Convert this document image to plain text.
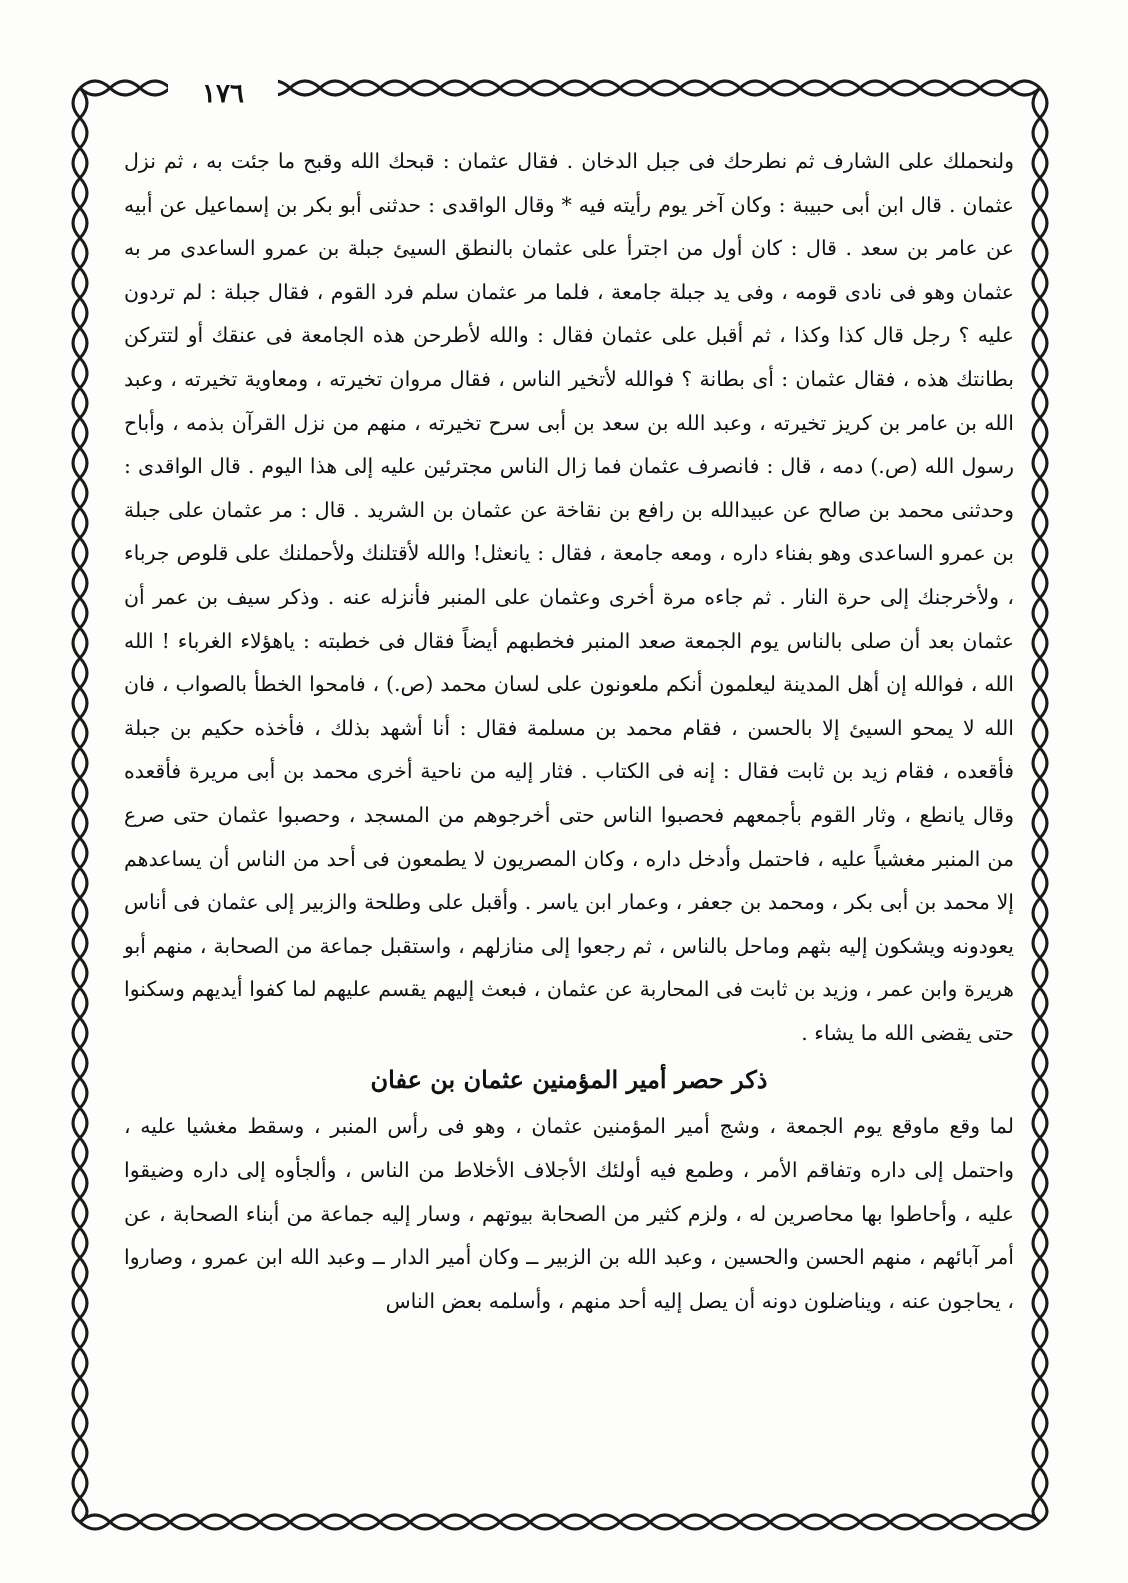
١٧٦

ولنحملك على الشارف ثم نطرحك فى جبل الدخان . فقال عثمان : قبحك الله وقبح ما جئت به ، ثم نزل عثمان . قال ابن أبى حبيبة : وكان آخر يوم رأيته فيه * وقال الواقدى : حدثنى أبو بكر بن إسماعيل عن أبيه عن عامر بن سعد . قال : كان أول من اجترأ على عثمان بالنطق السيئ جبلة بن عمرو الساعدى مر به عثمان وهو فى نادى قومه ، وفى يد جبلة جامعة ، فلما مر عثمان سلم فرد القوم ، فقال جبلة : لم تردون عليه ؟ رجل قال كذا وكذا ، ثم أقبل على عثمان فقال : والله لأطرحن هذه الجامعة فى عنقك أو لتتركن بطانتك هذه ، فقال عثمان : أى بطانة ؟ فوالله لأتخير الناس ، فقال مروان تخيرته ، ومعاوية تخيرته ، وعبد الله بن عامر بن كريز تخيرته ، وعبد الله بن سعد بن أبى سرح تخيرته ، منهم من نزل القرآن بذمه ، وأباح رسول الله (ص.) دمه ، قال : فانصرف عثمان فما زال الناس مجترئين عليه إلى هذا اليوم . قال الواقدى : وحدثنى محمد بن صالح عن عبيدالله بن رافع بن نقاخة عن عثمان بن الشريد . قال : مر عثمان على جبلة بن عمرو الساعدى وهو بفناء داره ، ومعه جامعة ، فقال : يانعثل! والله لأقتلنك ولأحملنك على قلوص جرباء ، ولأخرجنك إلى حرة النار . ثم جاءه مرة أخرى وعثمان على المنبر فأنزله عنه . وذكر سيف بن عمر أن عثمان بعد أن صلى بالناس يوم الجمعة صعد المنبر فخطبهم أيضاً فقال فى خطبته : ياهؤلاء الغرباء ! الله الله ، فوالله إن أهل المدينة ليعلمون أنكم ملعونون على لسان محمد (ص.) ، فامحوا الخطأ بالصواب ، فان الله لا يمحو السيئ إلا بالحسن ، فقام محمد بن مسلمة فقال : أنا أشهد بذلك ، فأخذه حكيم بن جبلة فأقعده ، فقام زيد بن ثابت فقال : إنه فى الكتاب . فثار إليه من ناحية أخرى محمد بن أبى مريرة فأقعده وقال يانطع ، وثار القوم بأجمعهم فحصبوا الناس حتى أخرجوهم من المسجد ، وحصبوا عثمان حتى صرع من المنبر مغشياً عليه ، فاحتمل وأدخل داره ، وكان المصريون لا يطمعون فى أحد من الناس أن يساعدهم إلا محمد بن أبى بكر ، ومحمد بن جعفر ، وعمار ابن ياسر . وأقبل على وطلحة والزبير إلى عثمان فى أناس يعودونه ويشكون إليه بثهم وماحل بالناس ، ثم رجعوا إلى منازلهم ، واستقبل جماعة من الصحابة ، منهم أبو هريرة وابن عمر ، وزيد بن ثابت فى المحاربة عن عثمان ، فبعث إليهم يقسم عليهم لما كفوا أيديهم وسكنوا حتى يقضى الله ما يشاء .

ذكر حصر أمير المؤمنين عثمان بن عفان

لما وقع ماوقع يوم الجمعة ، وشج أمير المؤمنين عثمان ، وهو فى رأس المنبر ، وسقط مغشيا عليه ، واحتمل إلى داره وتفاقم الأمر ، وطمع فيه أولئك الأجلاف الأخلاط من الناس ، وألجأوه إلى داره وضيقوا عليه ، وأحاطوا بها محاصرين له ، ولزم كثير من الصحابة بيوتهم ، وسار إليه جماعة من أبناء الصحابة ، عن أمر آبائهم ، منهم الحسن والحسين ، وعبد الله بن الزبير ــ وكان أمير الدار ــ وعبد الله ابن عمرو ، وصاروا ، يحاجون عنه ، ويناضلون دونه أن يصل إليه أحد منهم ، وأسلمه بعض الناس
